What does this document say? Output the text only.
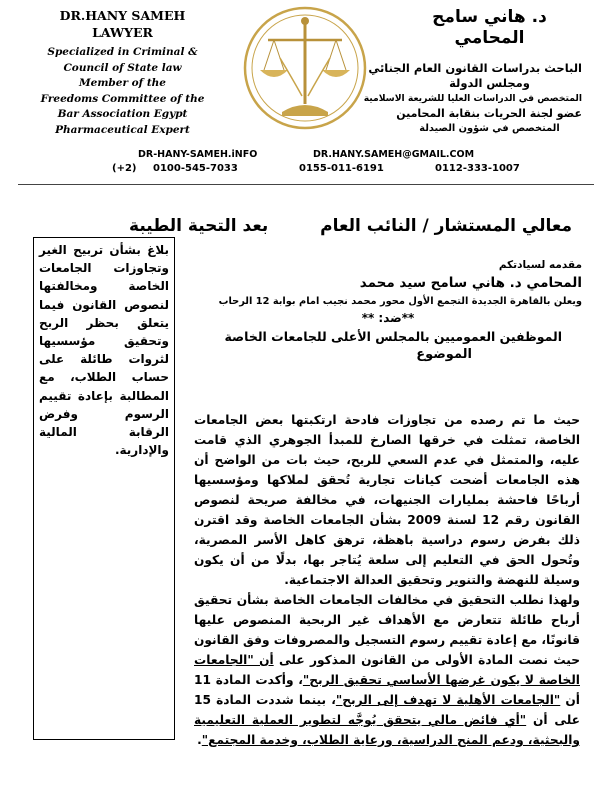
DR.HANY SAMEH
LAWYER
Specialized in Criminal &
Council of State law
Member of the
Freedoms Committee of the
Bar Association Egypt
Pharmaceutical Expert
د. هاني سامح
المحامي
الباحث بدراسات القانون العام الجنائي
ومجلس الدولة
المتخصص في الدراسات العليا للشريعة الاسلامية
عضو لجنة الحريات بنقابة المحامين
المتخصص في شؤون الصيدلة
DR-HANY-SAMEH.iNFO	DR.HANY.SAMEH@GMAIL.COM
(+2) 0100-545-7033	0155-011-6191	0112-333-1007
معالي المستشار / النائب العام  بعد التحية الطيبة
بلاغ بشأن تربيح الغير وتجاوزات الجامعات الخاصة ومخالفتها لنصوص القانون فيما يتعلق بحظر الربح وتحقيق مؤسسيها لثروات طائلة على حساب الطلاب، مع المطالبة بإعادة تقييم الرسوم وفرض الرقابة المالية والإدارية.
مقدمه لسيادتكم
المحامي د. هاني سامح سيد محمد
ويعلن بالقاهرة الجديدة التجمع الأول محور محمد نجيب امام بوابة 12 الرحاب
**ضد: **
الموظفين العموميين بالمجلس الأعلى للجامعات الخاصة
الموضوع

حيث ما تم رصده من تجاوزات فادحة ارتكبتها بعض الجامعات الخاصة، تمثلت في خرقها الصارخ للمبدأ الجوهري الذي قامت عليه، والمتمثل في عدم السعي للربح، حيث بات من الواضح أن هذه الجامعات أضحت كيانات تجارية تُحقق لملاكها ومؤسسيها أرباحًا فاحشة بمليارات الجنيهات، في مخالفة صريحة لنصوص القانون رقم 12 لسنة 2009 بشأن الجامعات الخاصة وقد اقترن ذلك بفرض رسوم دراسية باهظة، ترهق كاهل الأسر المصرية، وتُحول الحق في التعليم إلى سلعة يُتاجر بها، بدلًا من أن يكون وسيلة للنهضة والتنوير وتحقيق العدالة الاجتماعية.

ولهذا نطلب التحقيق في مخالفات الجامعات الخاصة بشأن تحقيق أرباح طائلة تتعارض مع الأهداف غير الربحية المنصوص عليها قانونًا، مع إعادة تقييم رسوم التسجيل والمصروفات وفق القانون حيث نصت المادة الأولى من القانون المذكور على أن "الجامعات الخاصة لا يكون غرضها الأساسي تحقيق الربح"، وأكدت المادة 11 أن "الجامعات الأهلية لا تهدف إلى الربح"، بينما شددت المادة 15 على أن "أي فائض مالي يتحقق يُوجَّه لتطوير العملية التعليمية والبحثية، ودعم المنح الدراسية، ورعاية الطلاب، وخدمة المجتمع".
